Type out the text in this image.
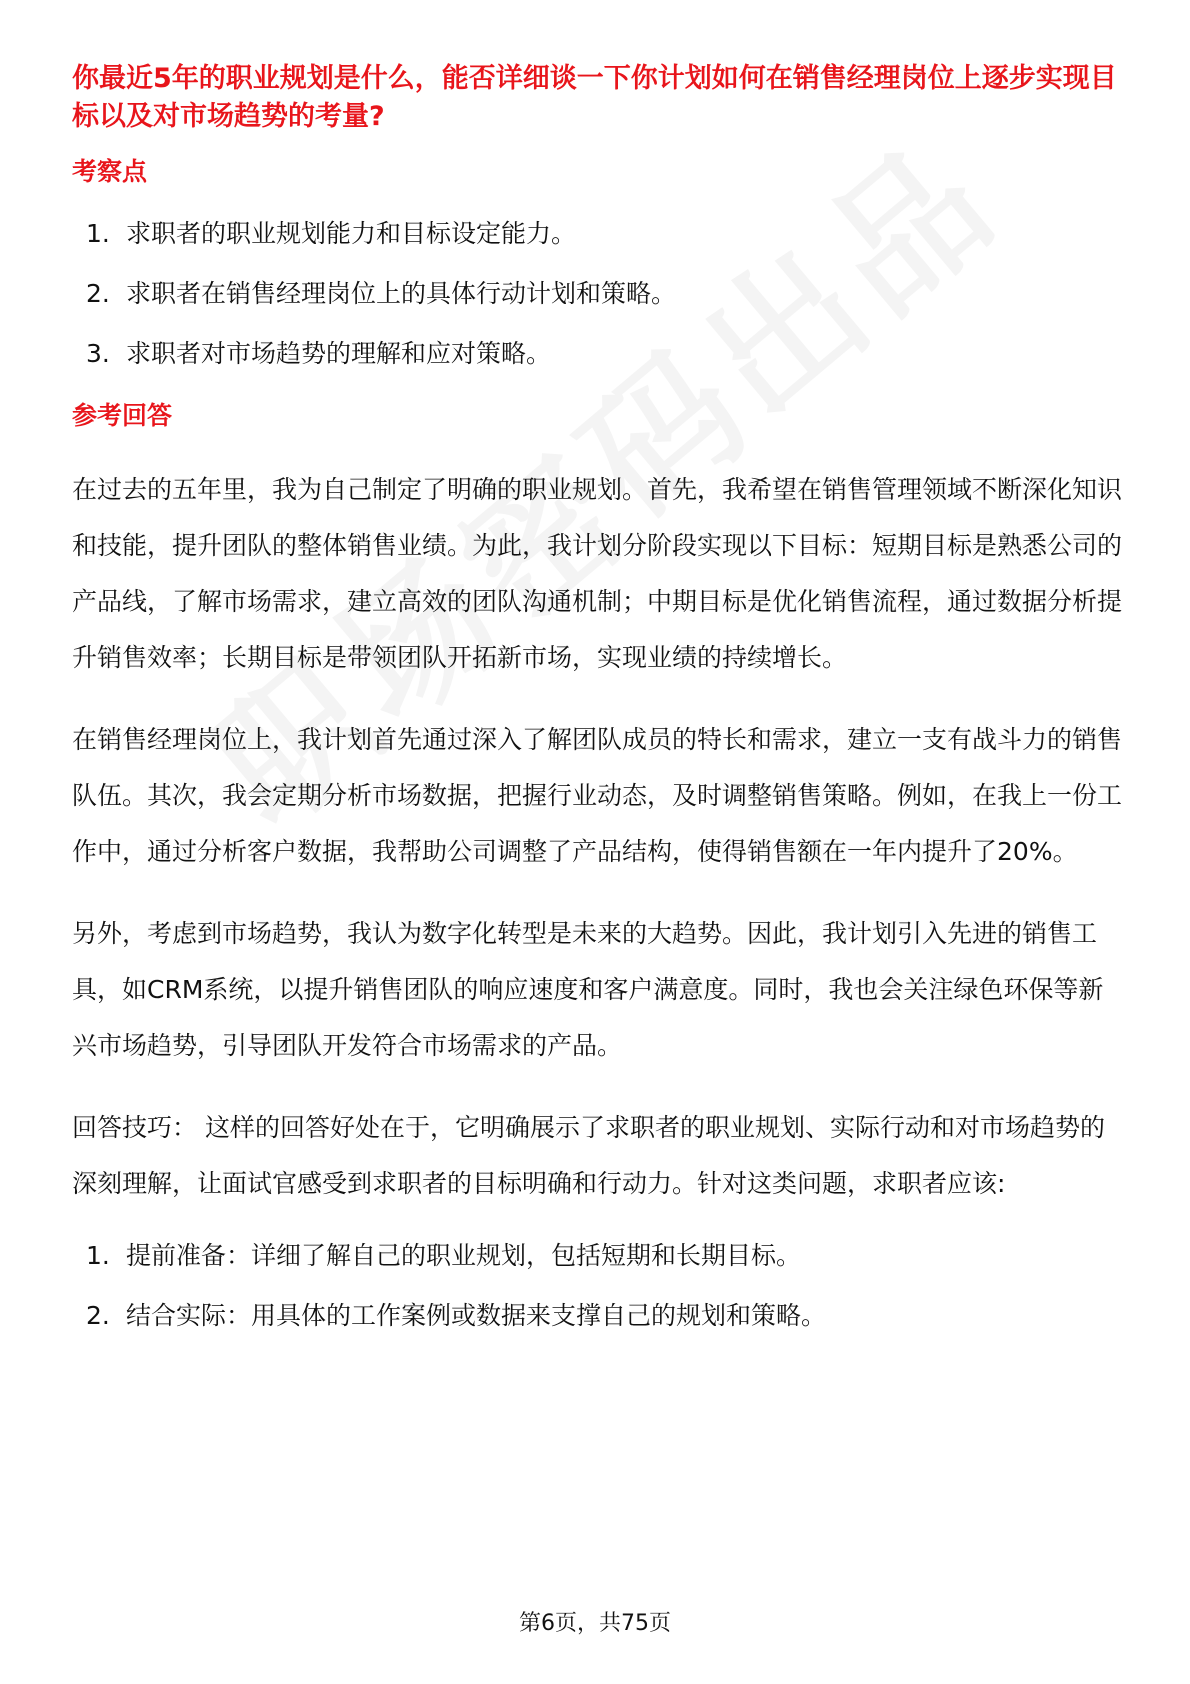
你最近5年的职业规划是什么，能否详细谈一下你计划如何在销售经理岗位上逐步实现目标以及对市场趋势的考量?
考察点
1. 求职者的职业规划能力和目标设定能力。
2. 求职者在销售经理岗位上的具体行动计划和策略。
3. 求职者对市场趋势的理解和应对策略。
参考回答

在过去的五年里，我为自己制定了明确的职业规划。首先，我希望在销售管理领域不断深化知识和技能，提升团队的整体销售业绩。为此，我计划分阶段实现以下目标：短期目标是熟悉公司的产品线，了解市场需求，建立高效的团队沟通机制；中期目标是优化销售流程，通过数据分析提升销售效率；长期目标是带领团队开拓新市场，实现业绩的持续增长。

在销售经理岗位上，我计划首先通过深入了解团队成员的特长和需求，建立一支有战斗力的销售队伍。其次，我会定期分析市场数据，把握行业动态，及时调整销售策略。例如，在我上一份工作中，通过分析客户数据，我帮助公司调整了产品结构，使得销售额在一年内提升了20%。

另外，考虑到市场趋势，我认为数字化转型是未来的大趋势。因此，我计划引入先进的销售工具，如CRM系统，以提升销售团队的响应速度和客户满意度。同时，我也会关注绿色环保等新兴市场趋势，引导团队开发符合市场需求的产品。

回答技巧： 这样的回答好处在于，它明确展示了求职者的职业规划、实际行动和对市场趋势的深刻理解，让面试官感受到求职者的目标明确和行动力。针对这类问题，求职者应该:

1. 提前准备：详细了解自己的职业规划，包括短期和长期目标。
2. 结合实际：用具体的工作案例或数据来支撑自己的规划和策略。
第6页，共75页
